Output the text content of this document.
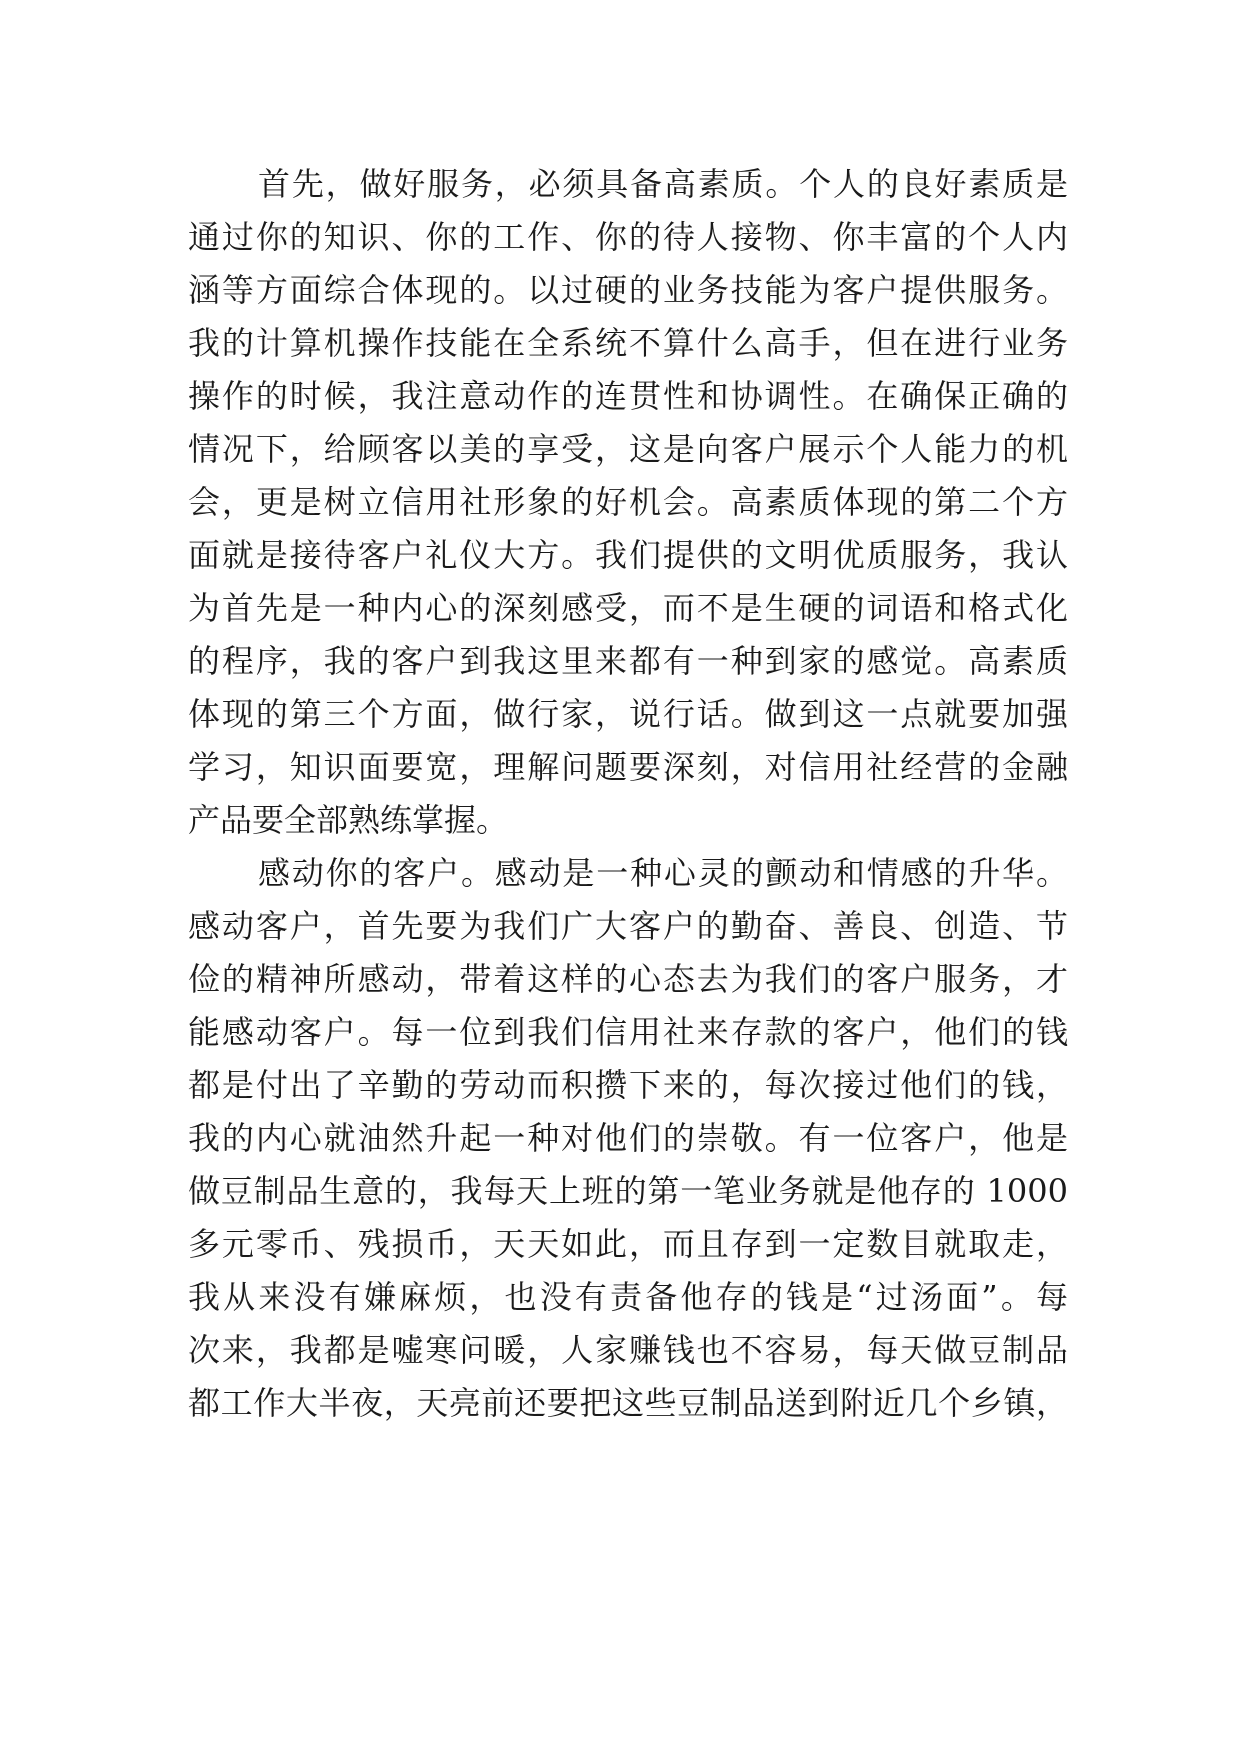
首先，做好服务，必须具备高素质。个人的良好素质是
通过你的知识、你的工作、你的待人接物、你丰富的个人内
涵等方面综合体现的。以过硬的业务技能为客户提供服务。
我的计算机操作技能在全系统不算什么高手，但在进行业务
操作的时候，我注意动作的连贯性和协调性。在确保正确的
情况下，给顾客以美的享受，这是向客户展示个人能力的机
会，更是树立信用社形象的好机会。高素质体现的第二个方
面就是接待客户礼仪大方。我们提供的文明优质服务，我认
为首先是一种内心的深刻感受，而不是生硬的词语和格式化
的程序，我的客户到我这里来都有一种到家的感觉。高素质
体现的第三个方面，做行家，说行话。做到这一点就要加强
学习，知识面要宽，理解问题要深刻，对信用社经营的金融
产品要全部熟练掌握。
感动你的客户。感动是一种心灵的颤动和情感的升华。
感动客户，首先要为我们广大客户的勤奋、善良、创造、节
俭的精神所感动，带着这样的心态去为我们的客户服务，才
能感动客户。每一位到我们信用社来存款的客户，他们的钱
都是付出了辛勤的劳动而积攒下来的，每次接过他们的钱，
我的内心就油然升起一种对他们的崇敬。有一位客户，他是
做豆制品生意的，我每天上班的第一笔业务就是他存的 1000
多元零币、残损币，天天如此，而且存到一定数目就取走，
我从来没有嫌麻烦，也没有责备他存的钱是“过汤面”。每
次来，我都是嘘寒问暖，人家赚钱也不容易，每天做豆制品
都工作大半夜，天亮前还要把这些豆制品送到附近几个乡镇，
